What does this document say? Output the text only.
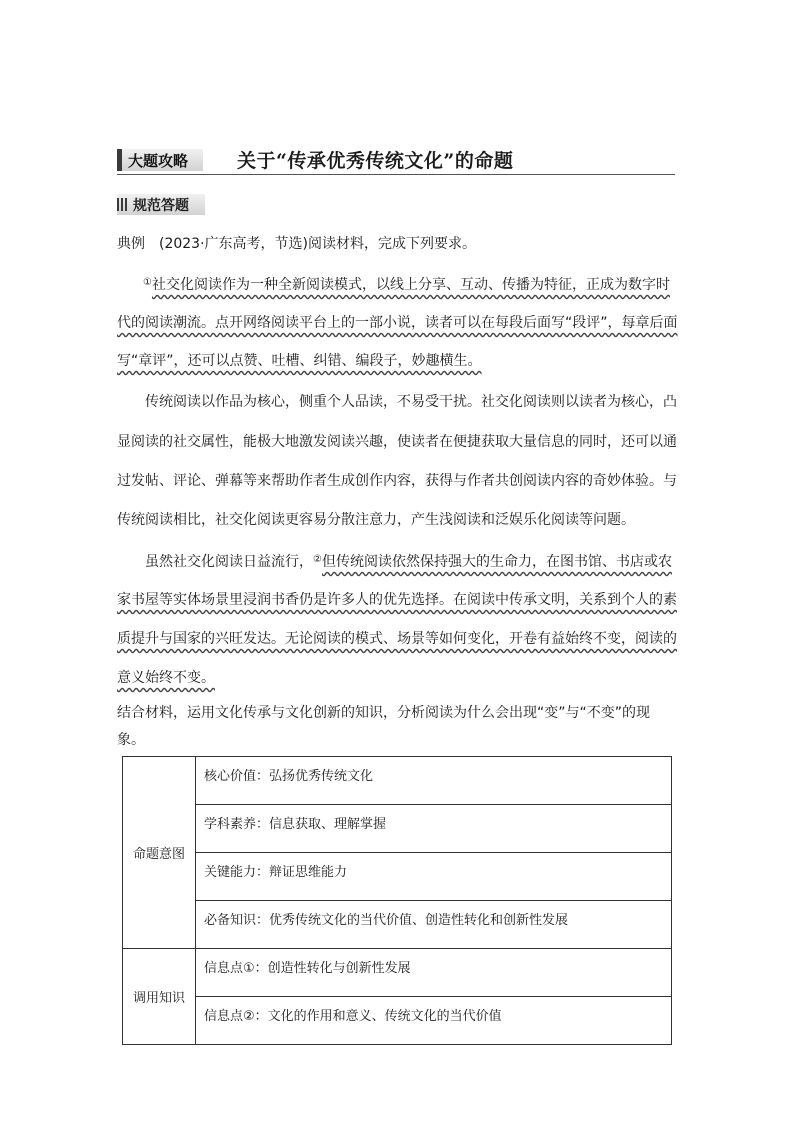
大题攻略	关于“传承优秀传统文化”的命题
规范答题
典例　(2023·广东高考，节选)阅读材料，完成下列要求。
①社交化阅读作为一种全新阅读模式，以线上分享、互动、传播为特征，正成为数字时
代的阅读潮流。点开网络阅读平台上的一部小说，读者可以在每段后面写“段评”，每章后面
写“章评”，还可以点赞、吐槽、纠错、编段子，妙趣横生。
传统阅读以作品为核心，侧重个人品读，不易受干扰。社交化阅读则以读者为核心，凸
显阅读的社交属性，能极大地激发阅读兴趣，使读者在便捷获取大量信息的同时，还可以通
过发帖、评论、弹幕等来帮助作者生成创作内容，获得与作者共创阅读内容的奇妙体验。与
传统阅读相比，社交化阅读更容易分散注意力，产生浅阅读和泛娱乐化阅读等问题。
虽然社交化阅读日益流行，②但传统阅读依然保持强大的生命力，在图书馆、书店或农
家书屋等实体场景里浸润书香仍是许多人的优先选择。在阅读中传承文明，关系到个人的素
质提升与国家的兴旺发达。无论阅读的模式、场景等如何变化，开卷有益始终不变，阅读的
意义始终不变。
结合材料，运用文化传承与文化创新的知识，分析阅读为什么会出现“变”与“不变”的现
象。
命题意图	核心价值：弘扬优秀传统文化
	学科素养：信息获取、理解掌握
	关键能力：辩证思维能力
	必备知识：优秀传统文化的当代价值、创造性转化和创新性发展
调用知识	信息点①：创造性转化与创新性发展
	信息点②：文化的作用和意义、传统文化的当代价值
